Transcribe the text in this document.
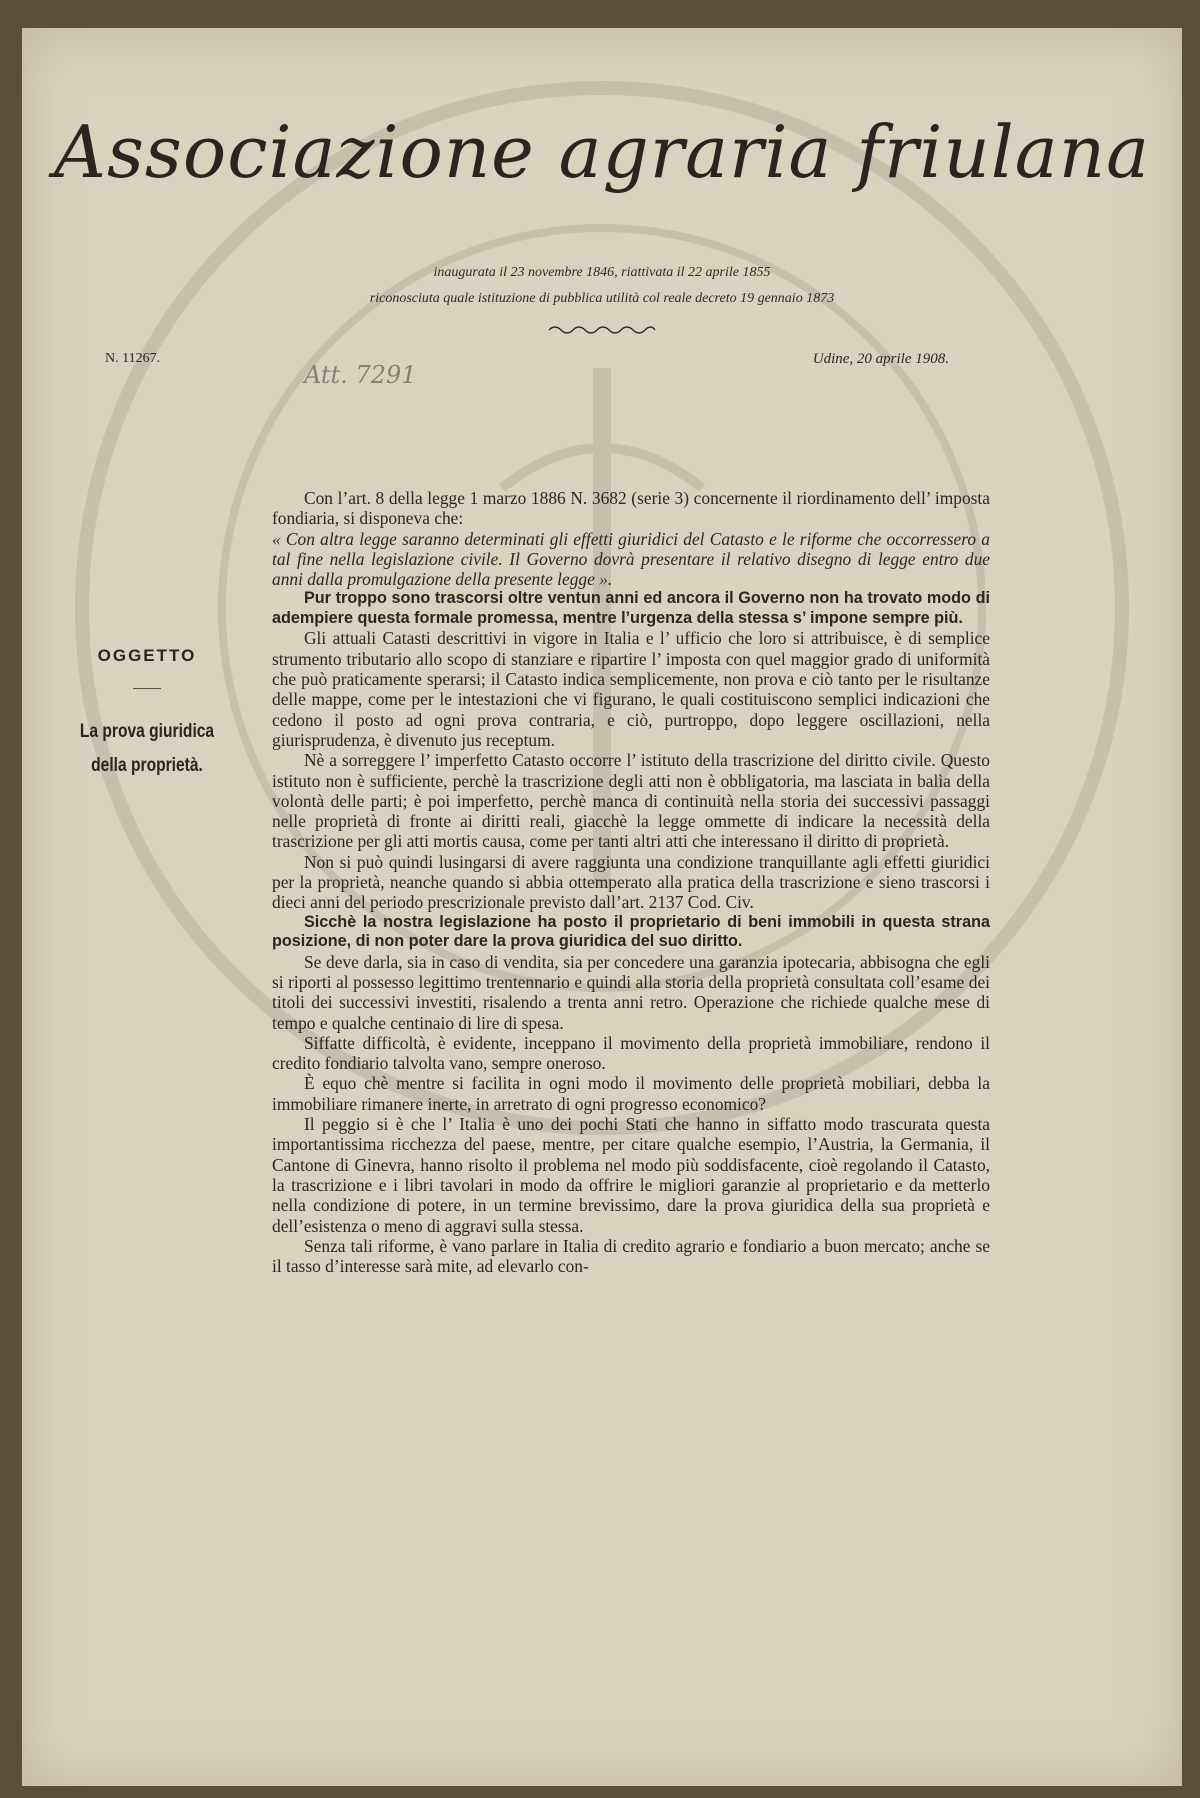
Associazione agraria friulana
inaugurata il 23 novembre 1846, riattivata il 22 aprile 1855
riconosciuta quale istituzione di pubblica utilità col reale decreto 19 gennaio 1873
N. 11267.	Udine, 20 aprile 1908.
Att. 7291
OGGETTO
La prova giuridica
della proprietà.

Con l’art. 8 della legge 1 marzo 1886 N. 3682 (serie 3) concernente il riordinamento dell’ imposta fondiaria, si disponeva che:

« Con altra legge saranno determinati gli effetti giuridici del Catasto e le riforme che occorressero a tal fine nella legislazione civile. Il Governo dovrà presentare il relativo disegno di legge entro due anni dalla promulgazione della presente legge ».

Pur troppo sono trascorsi oltre ventun anni ed ancora il Governo non ha trovato modo di adempiere questa formale promessa, mentre l’urgenza della stessa s’ impone sempre più.

Gli attuali Catasti descrittivi in vigore in Italia e l’ ufficio che loro si attribuisce, è di semplice strumento tributario allo scopo di stanziare e ripartire l’ imposta con quel maggior grado di uniformità che può praticamente sperarsi; il Catasto indica semplicemente, non prova e ciò tanto per le risultanze delle mappe, come per le intestazioni che vi figurano, le quali costituiscono semplici indicazioni che cedono il posto ad ogni prova contraria, e ciò, purtroppo, dopo leggere oscillazioni, nella giurisprudenza, è divenuto jus receptum.

Nè a sorreggere l’ imperfetto Catasto occorre l’ istituto della trascrizione del diritto civile. Questo istituto non è sufficiente, perchè la trascrizione degli atti non è obbligatoria, ma lasciata in balìa della volontà delle parti; è poi imperfetto, perchè manca di continuità nella storia dei successivi passaggi nelle proprietà di fronte ai diritti reali, giacchè la legge ommette di indicare la necessità della trascrizione per gli atti mortis causa, come per tanti altri atti che interessano il diritto di proprietà.

Non si può quindi lusingarsi di avere raggiunta una condizione tranquillante agli effetti giuridici per la proprietà, neanche quando si abbia ottemperato alla pratica della trascrizione e sieno trascorsi i dieci anni del periodo prescrizionale previsto dall’art. 2137 Cod. Civ.

Sicchè la nostra legislazione ha posto il proprietario di beni immobili in questa strana posizione, di non poter dare la prova giuridica del suo diritto.

Se deve darla, sia in caso di vendita, sia per concedere una garanzia ipotecaria, abbisogna che egli si riporti al possesso legittimo trentennario e quindi alla storia della proprietà consultata coll’esame dei titoli dei successivi investiti, risalendo a trenta anni retro. Operazione che richiede qualche mese di tempo e qualche centinaio di lire di spesa.

Siffatte difficoltà, è evidente, inceppano il movimento della proprietà immobiliare, rendono il credito fondiario talvolta vano, sempre oneroso.

È equo chè mentre si facilita in ogni modo il movimento delle proprietà mobiliari, debba la immobiliare rimanere inerte, in arretrato di ogni progresso economico?

Il peggio si è che l’ Italia è uno dei pochi Stati che hanno in siffatto modo trascurata questa importantissima ricchezza del paese, mentre, per citare qualche esempio, l’Austria, la Germania, il Cantone di Ginevra, hanno risolto il problema nel modo più soddisfacente, cioè regolando il Catasto, la trascrizione e i libri tavolari in modo da offrire le migliori garanzie al proprietario e da metterlo nella condizione di potere, in un termine brevissimo, dare la prova giuridica della sua proprietà e dell’esistenza o meno di aggravi sulla stessa.

Senza tali riforme, è vano parlare in Italia di credito agrario e fondiario a buon mercato; anche se il tasso d’interesse sarà mite, ad elevarlo con-
